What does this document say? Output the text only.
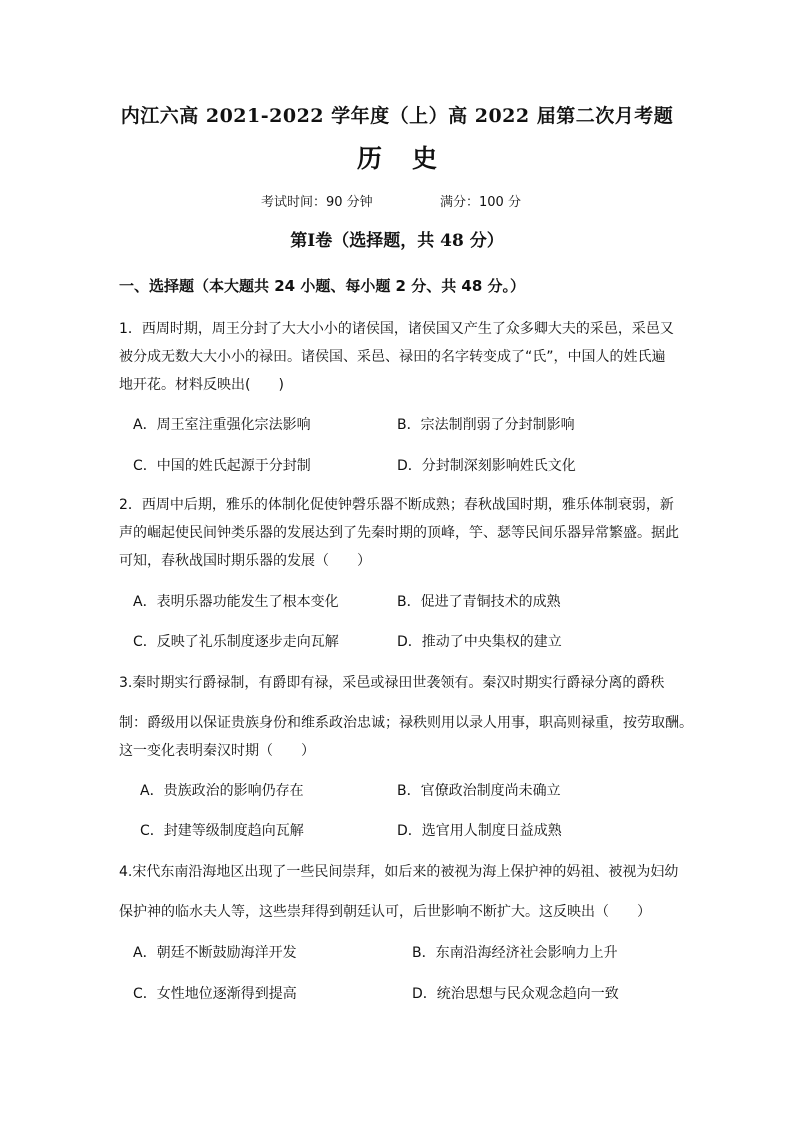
内江六高 2021-2022 学年度（上）高 2022 届第二次月考题
历史
考试时间：90 分钟	满分：100 分
第Ⅰ卷（选择题，共 48 分）
一、选择题（本大题共 24 小题、每小题 2 分、共 48 分。）
1．西周时期，周王分封了大大小小的诸侯国，诸侯国又产生了众多卿大夫的采邑，采邑又
被分成无数大大小小的禄田。诸侯国、采邑、禄田的名字转变成了“氏”，中国人的姓氏遍
地开花。材料反映出(　　)
A．周王室注重强化宗法影响	B．宗法制削弱了分封制影响
C．中国的姓氏起源于分封制	D．分封制深刻影响姓氏文化
2．西周中后期，雅乐的体制化促使钟磬乐器不断成熟；春秋战国时期，雅乐体制衰弱，新
声的崛起使民间钟类乐器的发展达到了先秦时期的顶峰，竽、瑟等民间乐器异常繁盛。据此
可知，春秋战国时期乐器的发展（　　）
A．表明乐器功能发生了根本变化	B．促进了青铜技术的成熟
C．反映了礼乐制度逐步走向瓦解	D．推动了中央集权的建立
3.秦时期实行爵禄制，有爵即有禄，采邑或禄田世袭领有。秦汉时期实行爵禄分离的爵秩
制：爵级用以保证贵族身份和维系政治忠诚；禄秩则用以录人用事，职高则禄重，按劳取酬。
这一变化表明秦汉时期（　　）
A．贵族政治的影响仍存在	B．官僚政治制度尚未确立
C．封建等级制度趋向瓦解	D．选官用人制度日益成熟
4.宋代东南沿海地区出现了一些民间崇拜，如后来的被视为海上保护神的妈祖、被视为妇幼
保护神的临水夫人等，这些崇拜得到朝廷认可，后世影响不断扩大。这反映出（　　）
A．朝廷不断鼓励海洋开发	B．东南沿海经济社会影响力上升
C．女性地位逐渐得到提高	D．统治思想与民众观念趋向一致
